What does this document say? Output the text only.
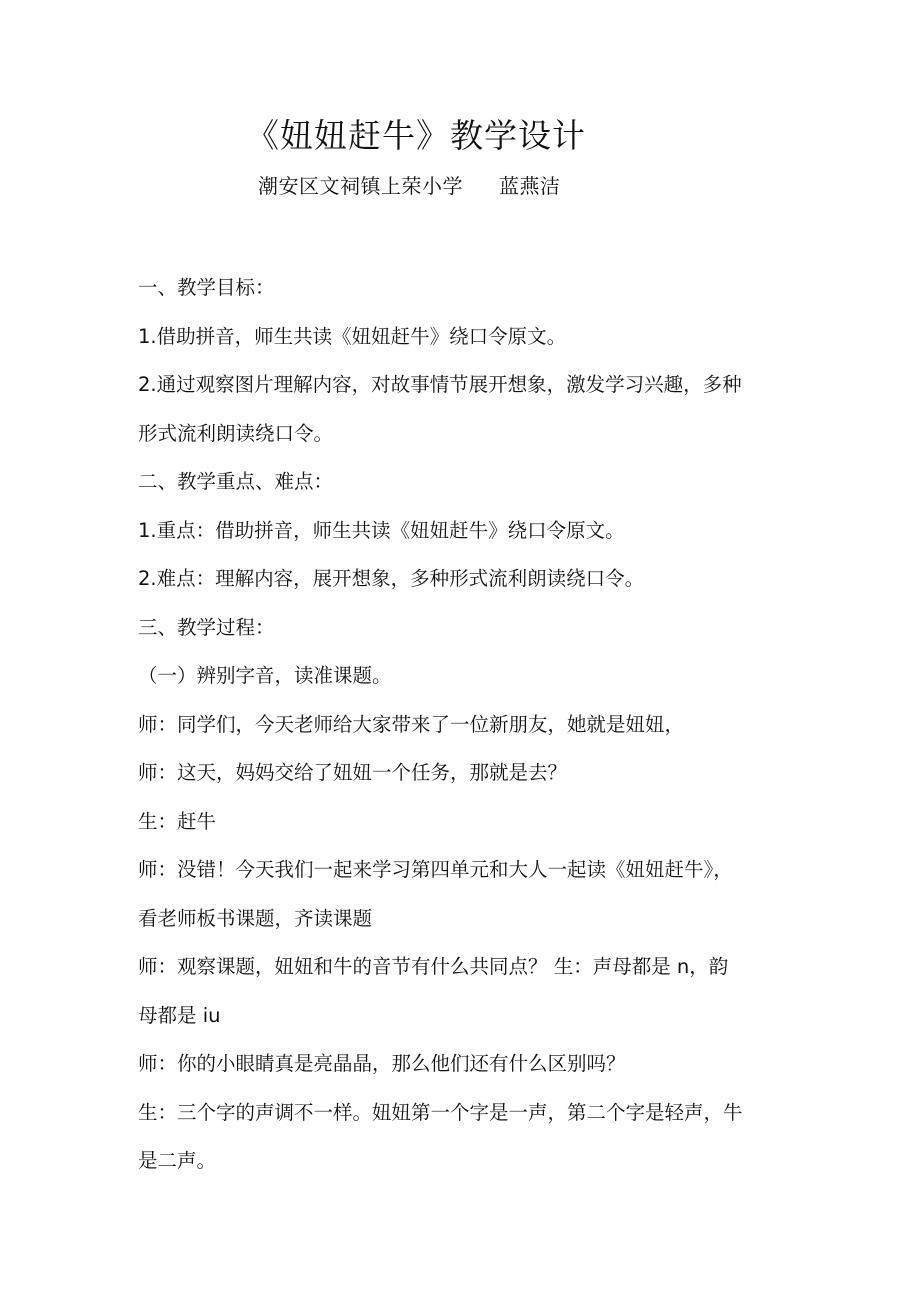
《妞妞赶牛》教学设计
潮安区文祠镇上荣小学 蓝燕洁

一、教学目标：

1.借助拼音，师生共读《妞妞赶牛》绕口令原文。

2.通过观察图片理解内容，对故事情节展开想象，激发学习兴趣，多种

形式流利朗读绕口令。

二、教学重点、难点：

1.重点：借助拼音，师生共读《妞妞赶牛》绕口令原文。

2.难点：理解内容，展开想象，多种形式流利朗读绕口令。

三、教学过程：

（一）辨别字音，读准课题。

师：同学们，今天老师给大家带来了一位新朋友，她就是妞妞，

师：这天，妈妈交给了妞妞一个任务，那就是去？

生：赶牛

师：没错！今天我们一起来学习第四单元和大人一起读《妞妞赶牛》，

看老师板书课题，齐读课题

师：观察课题，妞妞和牛的音节有什么共同点？ 生：声母都是 n，韵

母都是 iu

师：你的小眼睛真是亮晶晶，那么他们还有什么区别吗？

生：三个字的声调不一样。妞妞第一个字是一声，第二个字是轻声，牛

是二声。
